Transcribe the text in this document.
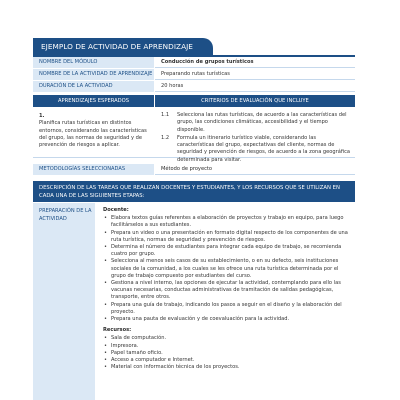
EJEMPLO DE ACTIVIDAD DE APRENDIZAJE
NOMBRE DEL MÓDULO	Conducción de grupos turísticos
NOMBRE DE LA ACTIVIDAD DE APRENDIZAJE	Preparando rutas turísticas
DURACIÓN DE LA ACTIVIDAD	20 horas
APRENDIZAJES ESPERADOS	CRITERIOS DE EVALUACIÓN QUE INCLUYE
1.
Planifica rutas turísticas en distintos entornos, considerando las características del grupo, las normas de seguridad y de prevención de riesgos a aplicar.
1.1	Selecciona las rutas turísticas, de acuerdo a las características del grupo, las condiciones climáticas, accesibilidad y el tiempo disponible.
1.2	Formula un itinerario turístico viable, considerando las características del grupo, expectativas del cliente, normas de seguridad y prevención de riesgos, de acuerdo a la zona geográfica determinada para visitar.
METODOLOGÍAS SELECCIONADAS	Método de proyecto
DESCRIPCIÓN DE LAS TAREAS QUE REALIZAN DOCENTES Y ESTUDIANTES, Y LOS RECURSOS QUE SE UTILIZAN EN CADA UNA DE LAS SIGUIENTES ETAPAS:
PREPARACIÓN DE LA ACTIVIDAD
Docente:
• Elabora textos guías referentes a elaboración de proyectos y trabajo en equipo, para luego facilitárselos a sus estudiantes.
• Prepara un video o una presentación en formato digital respecto de los componentes de una ruta turística, normas de seguridad y prevención de riesgos.
• Determina el número de estudiantes para integrar cada equipo de trabajo, se recomienda cuatro por grupo.
• Selecciona al menos seis casos de su establecimiento, o en su defecto, seis instituciones sociales de la comunidad, a los cuales se les ofrece una ruta turística determinada por el grupo de trabajo compuesto por estudiantes del curso.
• Gestiona a nivel interno, las opciones de ejecutar la actividad, contemplando para ello las vacunas necesarias, conductas administrativas de tramitación de salidas pedagógicas, transporte, entre otros.
• Prepara una guía de trabajo, indicando los pasos a seguir en el diseño y la elaboración del proyecto.
• Prepara una pauta de evaluación y de coevaluación para la actividad.
Recursos:
• Sala de computación.
• Impresora.
• Papel tamaño oficio.
• Acceso a computador e Internet.
• Material con información técnica de los proyectos.
